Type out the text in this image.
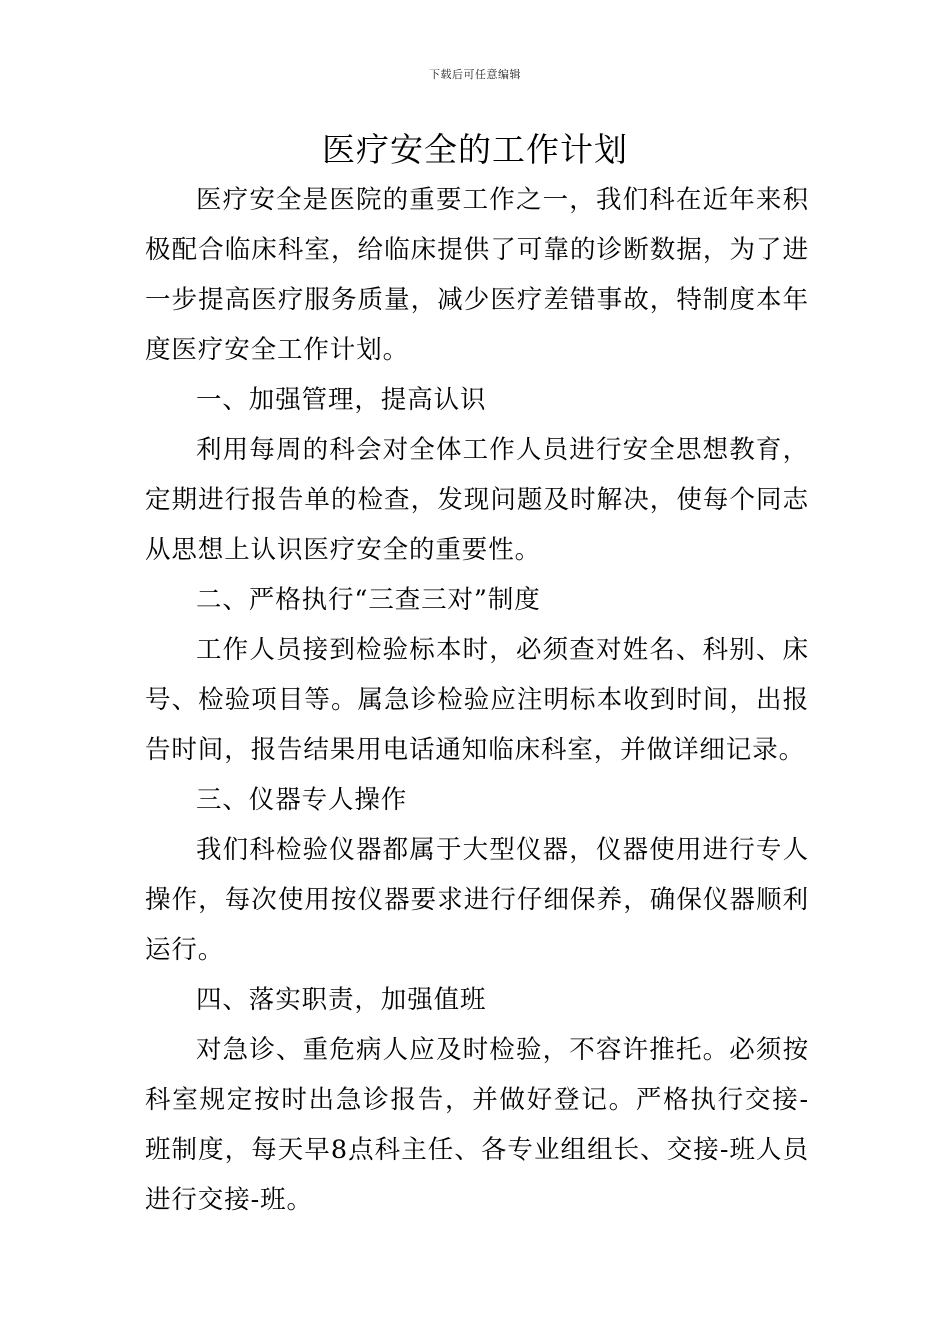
下载后可任意编辑
医疗安全的工作计划

医疗安全是医院的重要工作之一，我们科在近年来积极配合临床科室，给临床提供了可靠的诊断数据，为了进一步提高医疗服务质量，减少医疗差错事故，特制度本年度医疗安全工作计划。

一、加强管理，提高认识

利用每周的科会对全体工作人员进行安全思想教育，定期进行报告单的检查，发现问题及时解决，使每个同志从思想上认识医疗安全的重要性。

二、严格执行“三查三对”制度

工作人员接到检验标本时，必须查对姓名、科别、床号、检验项目等。属急诊检验应注明标本收到时间，出报告时间，报告结果用电话通知临床科室，并做详细记录。

三、仪器专人操作

我们科检验仪器都属于大型仪器，仪器使用进行专人操作，每次使用按仪器要求进行仔细保养，确保仪器顺利运行。

四、落实职责，加强值班

对急诊、重危病人应及时检验，不容许推托。必须按科室规定按时出急诊报告，并做好登记。严格执行交接-班制度，每天早8点科主任、各专业组组长、交接-班人员进行交接-班。
